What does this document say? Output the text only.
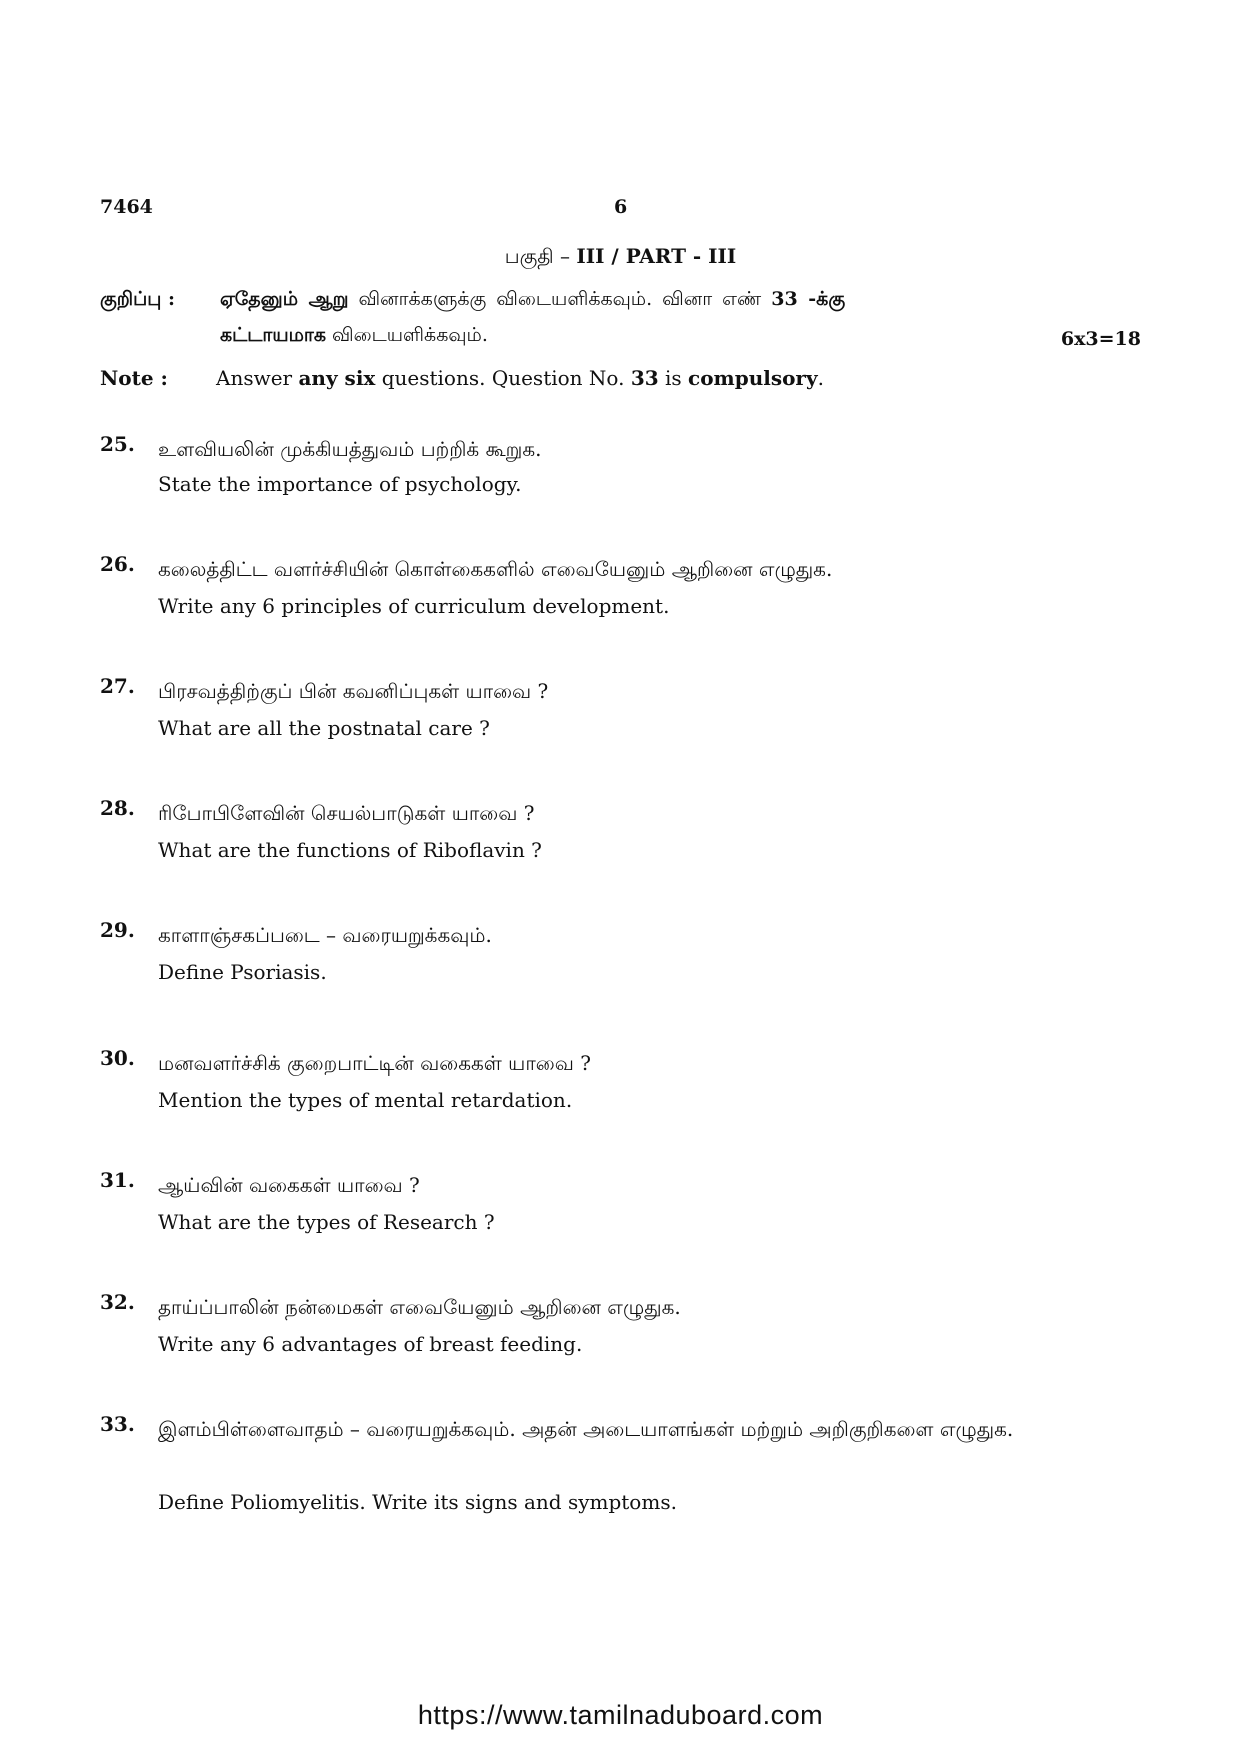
7464	6
பகுதி – III / PART - III
குறிப்பு : ஏதேனும் ஆறு வினாக்களுக்கு விடையளிக்கவும். வினா எண் 33 -க்கு
கட்டாயமாக விடையளிக்கவும்.	6x3=18
Note : Answer any six questions. Question No. 33 is compulsory.
25. உளவியலின் முக்கியத்துவம் பற்றிக் கூறுக.
State the importance of psychology.
26. கலைத்திட்ட வளர்ச்சியின் கொள்கைகளில் எவையேனும் ஆறினை எழுதுக.
Write any 6 principles of curriculum development.
27. பிரசவத்திற்குப் பின் கவனிப்புகள் யாவை ?
What are all the postnatal care ?
28. ரிபோபிளேவின் செயல்பாடுகள் யாவை ?
What are the functions of Riboflavin ?
29. காளாஞ்சகப்படை – வரையறுக்கவும்.
Define Psoriasis.
30. மனவளர்ச்சிக் குறைபாட்டின் வகைகள் யாவை ?
Mention the types of mental retardation.
31. ஆய்வின் வகைகள் யாவை ?
What are the types of Research ?
32. தாய்ப்பாலின் நன்மைகள் எவையேனும் ஆறினை எழுதுக.
Write any 6 advantages of breast feeding.
33. இளம்பிள்ளைவாதம் – வரையறுக்கவும். அதன் அடையாளங்கள் மற்றும் அறிகுறிகளை எழுதுக.
Define Poliomyelitis. Write its signs and symptoms.
https://www.tamilnaduboard.com
